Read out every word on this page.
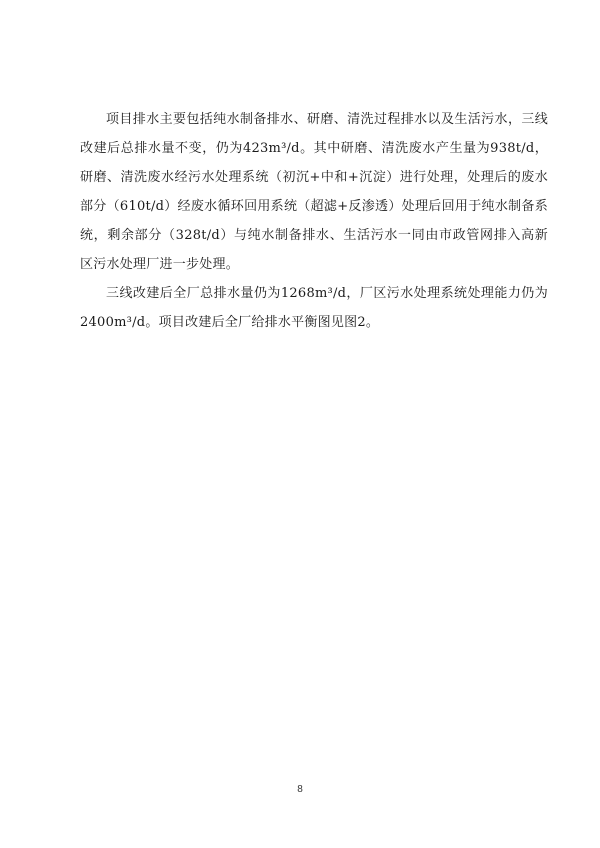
项目排水主要包括纯水制备排水、研磨、清洗过程排水以及生活污水，三线改建后总排水量不变，仍为423m³/d。其中研磨、清洗废水产生量为938t/d，研磨、清洗废水经污水处理系统（初沉+中和+沉淀）进行处理，处理后的废水部分（610t/d）经废水循环回用系统（超滤+反渗透）处理后回用于纯水制备系统，剩余部分（328t/d）与纯水制备排水、生活污水一同由市政管网排入高新区污水处理厂进一步处理。

三线改建后全厂总排水量仍为1268m³/d，厂区污水处理系统处理能力仍为2400m³/d。项目改建后全厂给排水平衡图见图2。

8
